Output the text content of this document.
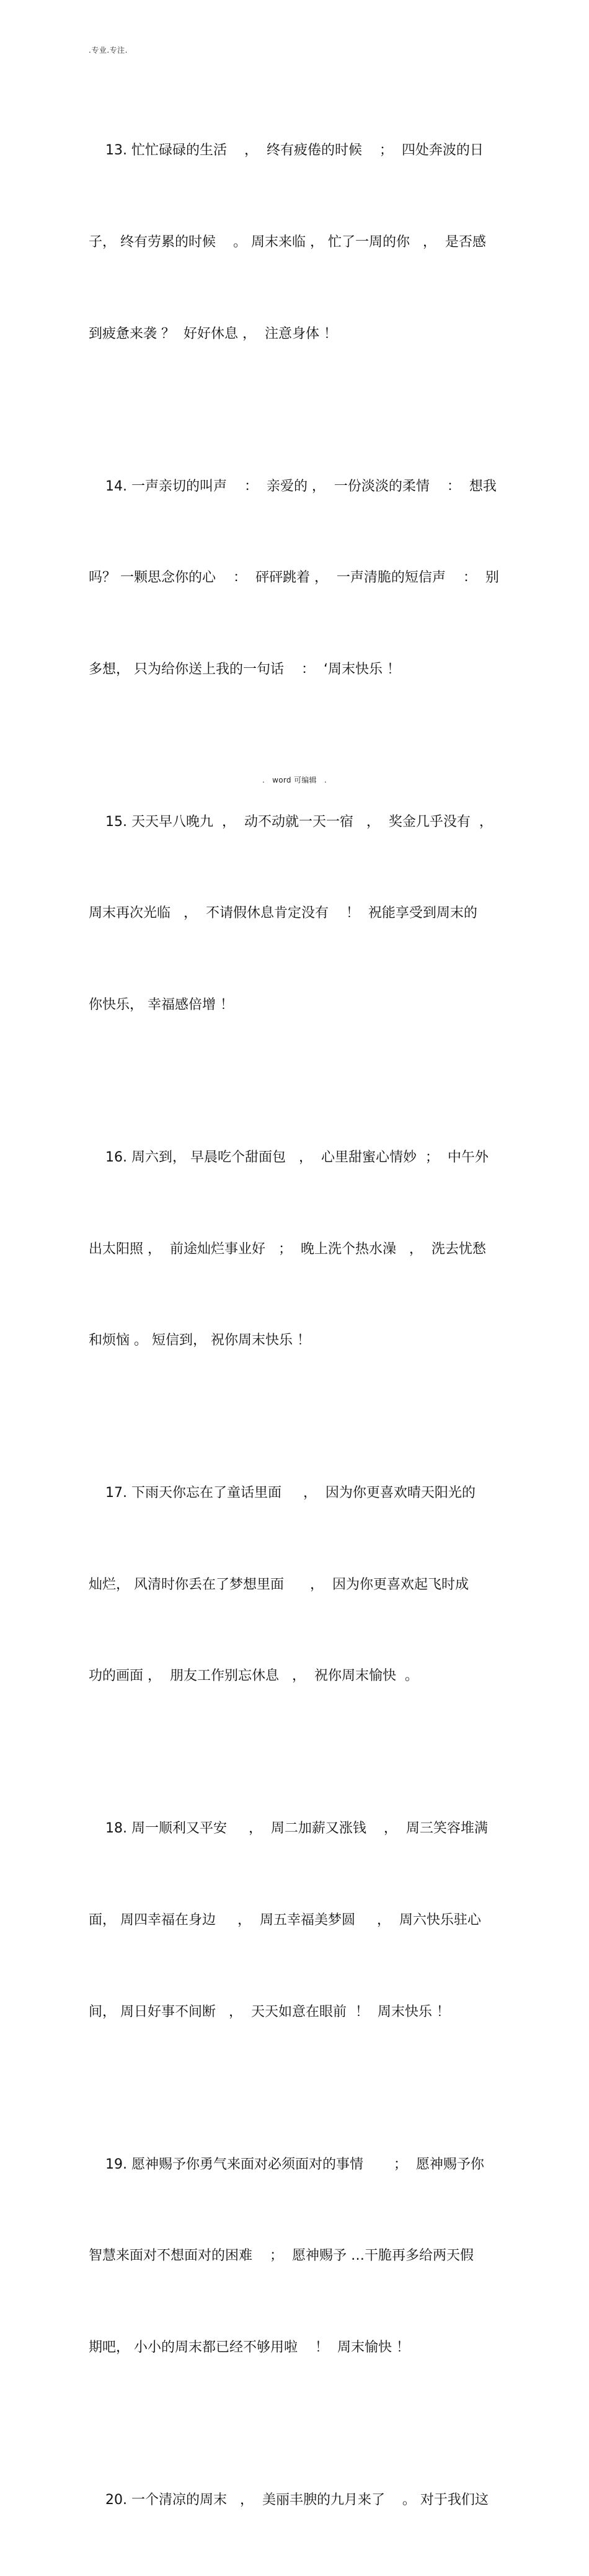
.专业.专注.

13. 忙忙碌碌的生活    ，  终有疲倦的时候    ；  四处奔波的日

子， 终有劳累的时候    。 周末来临 ， 忙了一周的你   ，  是否感

到疲惫来袭 ？  好好休息 ，  注意身体 ！

14. 一声亲切的叫声    ：  亲爱的 ，  一份淡淡的柔情    ：  想我

吗？ 一颗思念你的心    ：  砰砰跳着 ，  一声清脆的短信声    ：  别

多想， 只为给你送上我的一句话    ：  ‘周末快乐 ！

15. 天天早八晚九  ，  动不动就一天一宿   ，  奖金几乎没有  ，

周末再次光临   ，  不请假休息肯定没有    ！  祝能享受到周末的

你快乐， 幸福感倍增 ！

16. 周六到， 早晨吃个甜面包   ，  心里甜蜜心情妙  ；  中午外

出太阳照 ，  前途灿烂事业好   ；  晚上洗个热水澡   ，  洗去忧愁

和烦恼 。 短信到， 祝你周末快乐 ！

17. 下雨天你忘在了童话里面     ，  因为你更喜欢晴天阳光的

灿烂， 风清时你丢在了梦想里面      ，  因为你更喜欢起飞时成

功的画面 ，  朋友工作别忘休息   ，  祝你周末愉快  。

18. 周一顺利又平安     ，  周二加薪又涨钱    ，  周三笑容堆满

面， 周四幸福在身边     ，  周五幸福美梦圆     ，  周六快乐驻心

间， 周日好事不间断   ，  天天如意在眼前  ！  周末快乐 ！

19. 愿神赐予你勇气来面对必须面对的事情       ；  愿神赐予你

智慧来面对不想面对的困难    ；  愿神赐予 …干脆再多给两天假

期吧， 小小的周末都已经不够用啦    ！  周末愉快 ！

20. 一个清凉的周末   ，  美丽丰腴的九月来了    。 对于我们这

. word 可编辑 .
